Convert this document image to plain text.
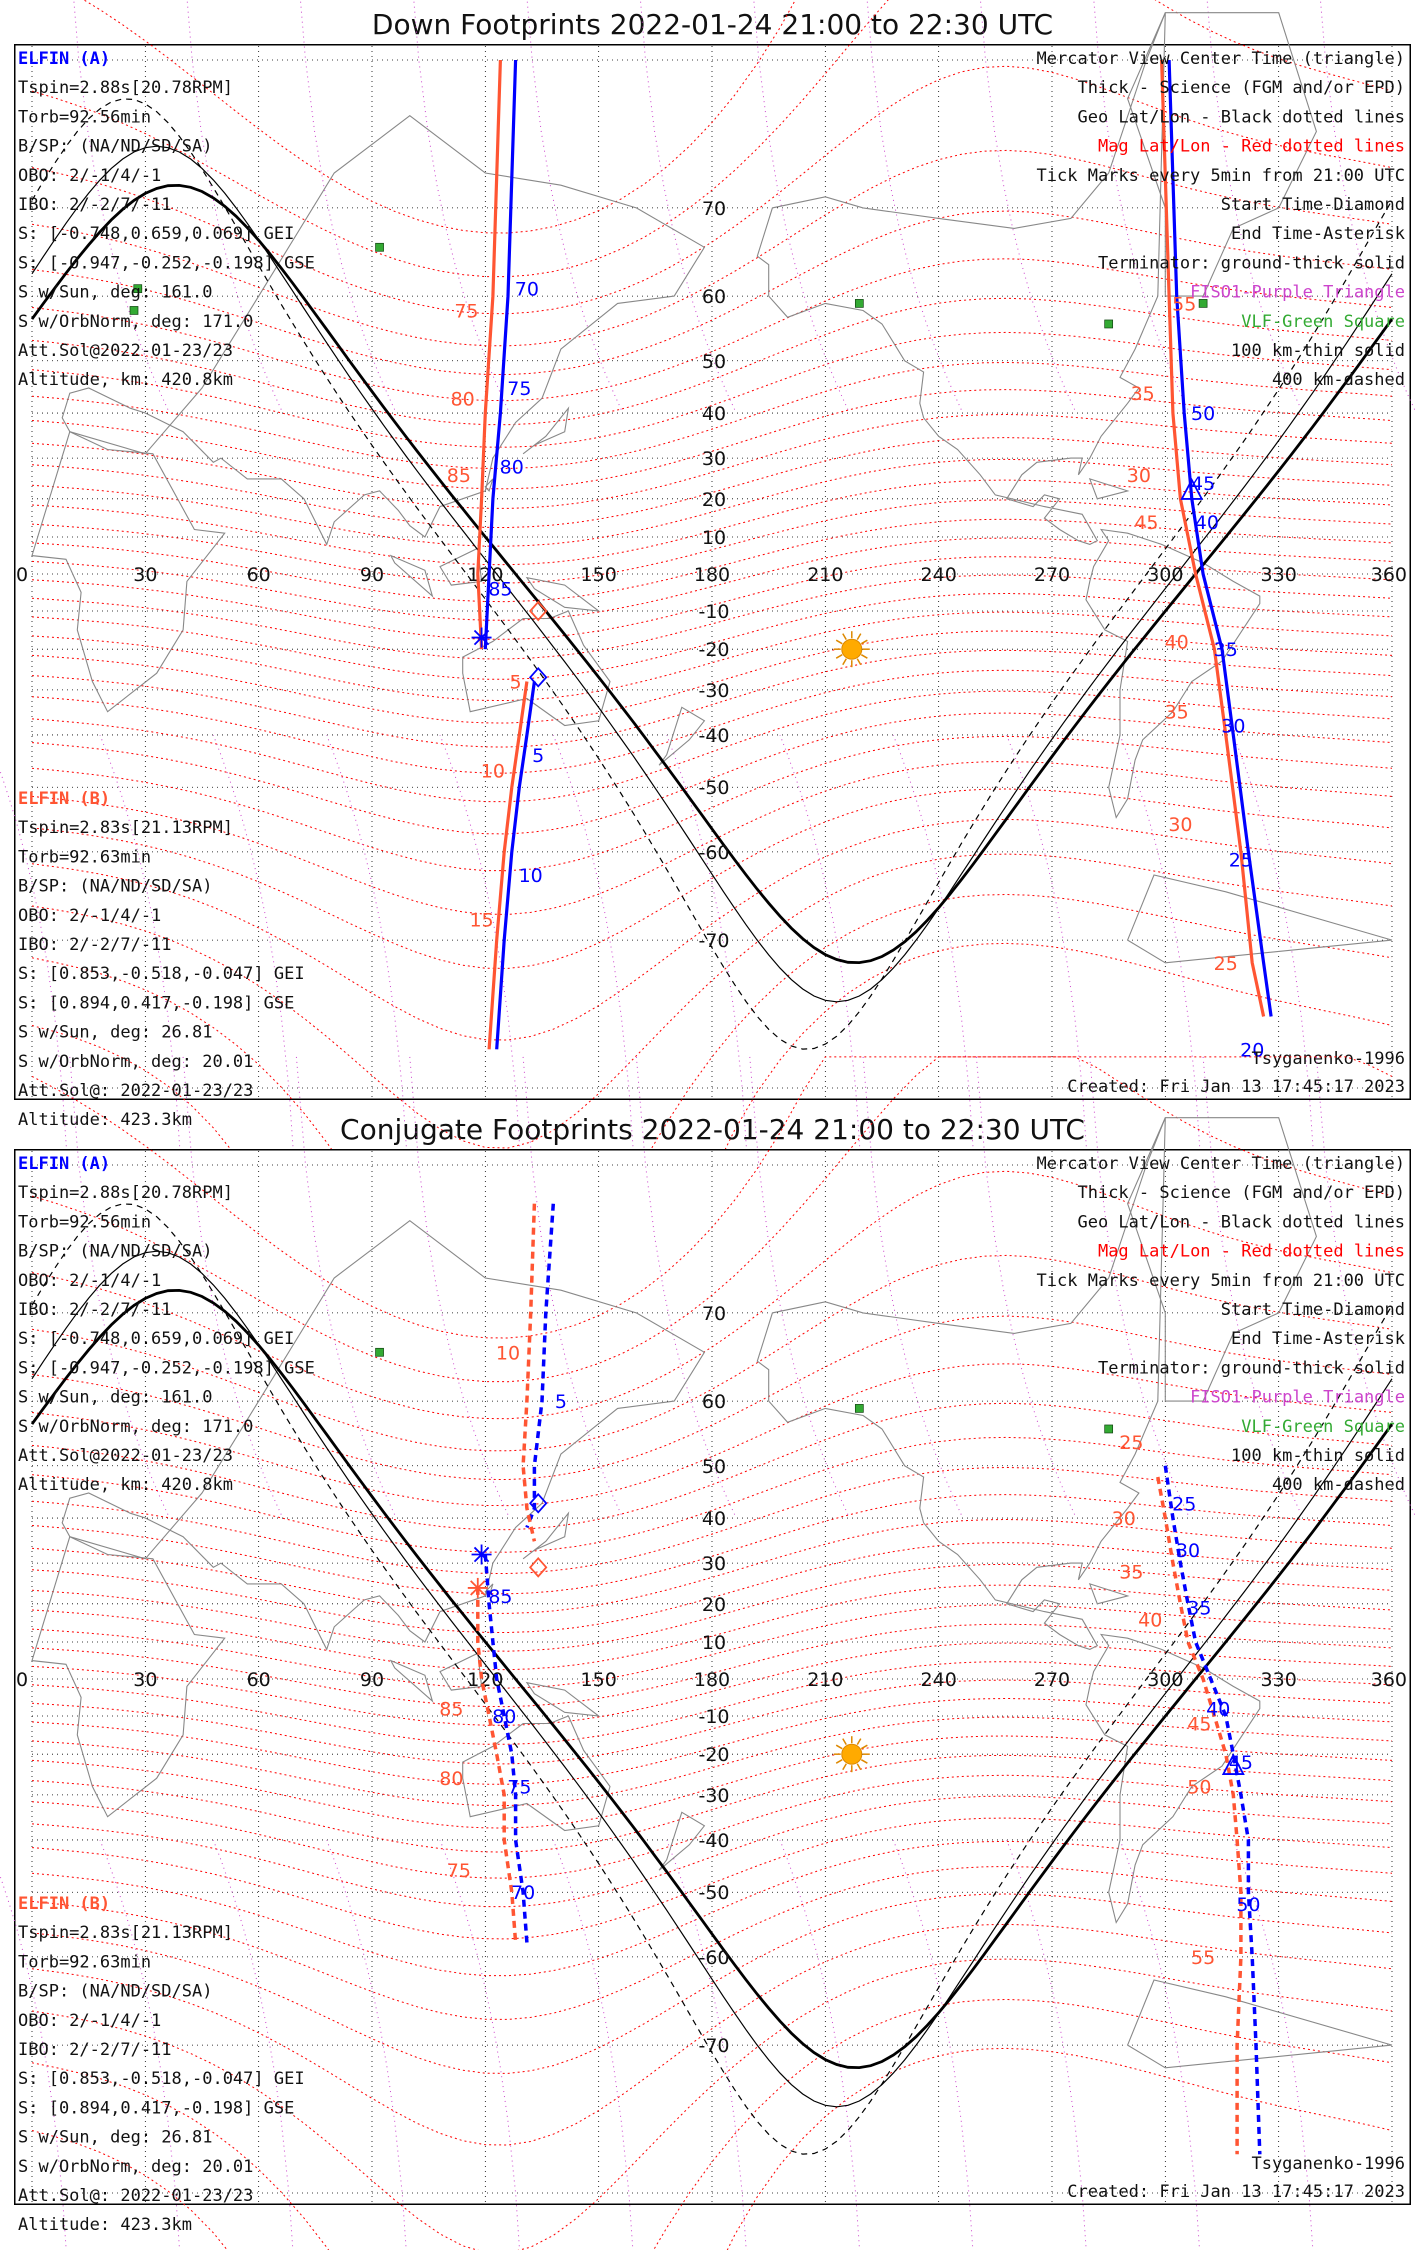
Down Footprints 2022-01-24 21:00 to 22:30 UTC
0	30	60	90	120	150	180	210	240	270	300	330	360
70
60
50
40
30
20
10
-10
-20
-30
-40
-50
-60
-70
75
70
80 75
85 80
85
5
5
10
10
15
55
50
35
30 45
45 40
40 35
35
30
30
25
25
20
ELFIN (A)
Tspin=2.88s[20.78RPM]
Torb=92.56min
B/SP: (NA/ND/SD/SA)
OBO: 2/-1/4/-1
IBO: 2/-2/7/-11
S: [-0.748,0.659,0.069] GEI
S: [-0.947,-0.252,-0.198] GSE
S w/Sun, deg: 161.0
S w/OrbNorm, deg: 171.0
Att.Sol@2022-01-23/23
Altitude, km: 420.8km
ELFIN (B)
Tspin=2.83s[21.13RPM]
Torb=92.63min
B/SP: (NA/ND/SD/SA)
OBO: 2/-1/4/-1
IBO: 2/-2/7/-11
S: [0.853,-0.518,-0.047] GEI
S: [0.894,0.417,-0.198] GSE
S w/Sun, deg: 26.81
S w/OrbNorm, deg: 20.01
Att.Sol@: 2022-01-23/23
Altitude: 423.3km
Mercator View Center Time (triangle)
Thick - Science (FGM and/or EPD)
Geo Lat/Lon - Black dotted lines
Mag Lat/Lon - Red dotted lines
Tick Marks every 5min from 21:00 UTC
Start Time-Diamond
End Time-Asterisk
Terminator: ground-thick solid
FISO1-Purple Triangle
VLF-Green Square
100 km-thin solid
400 km-dashed
Tsyganenko-1996
Created: Fri Jan 13 17:45:17 2023
Conjugate Footprints 2022-01-24 21:00 to 22:30 UTC
0	30	60	90	120	150	180	210	240	270	300	330	360
70
60
50
40
30
20
10
-10
-20
-30
-40
-50
-60
-70
10
5
25
25
30
30
35
35
40
40
45
45
50
50
55
85
85 80
80 75
75
70
ELFIN (A)
Tspin=2.88s[20.78RPM]
Torb=92.56min
B/SP: (NA/ND/SD/SA)
OBO: 2/-1/4/-1
IBO: 2/-2/7/-11
S: [-0.748,0.659,0.069] GEI
S: [-0.947,-0.252,-0.198] GSE
S w/Sun, deg: 161.0
S w/OrbNorm, deg: 171.0
Att.Sol@2022-01-23/23
Altitude, km: 420.8km
ELFIN (B)
Tspin=2.83s[21.13RPM]
Torb=92.63min
B/SP: (NA/ND/SD/SA)
OBO: 2/-1/4/-1
IBO: 2/-2/7/-11
S: [0.853,-0.518,-0.047] GEI
S: [0.894,0.417,-0.198] GSE
S w/Sun, deg: 26.81
S w/OrbNorm, deg: 20.01
Att.Sol@: 2022-01-23/23
Altitude: 423.3km
Mercator View Center Time (triangle)
Thick - Science (FGM and/or EPD)
Geo Lat/Lon - Black dotted lines
Mag Lat/Lon - Red dotted lines
Tick Marks every 5min from 21:00 UTC
Start Time-Diamond
End Time-Asterisk
Terminator: ground-thick solid
FISO1-Purple Triangle
VLF-Green Square
100 km-thin solid
400 km-dashed
Tsyganenko-1996
Created: Fri Jan 13 17:45:17 2023
